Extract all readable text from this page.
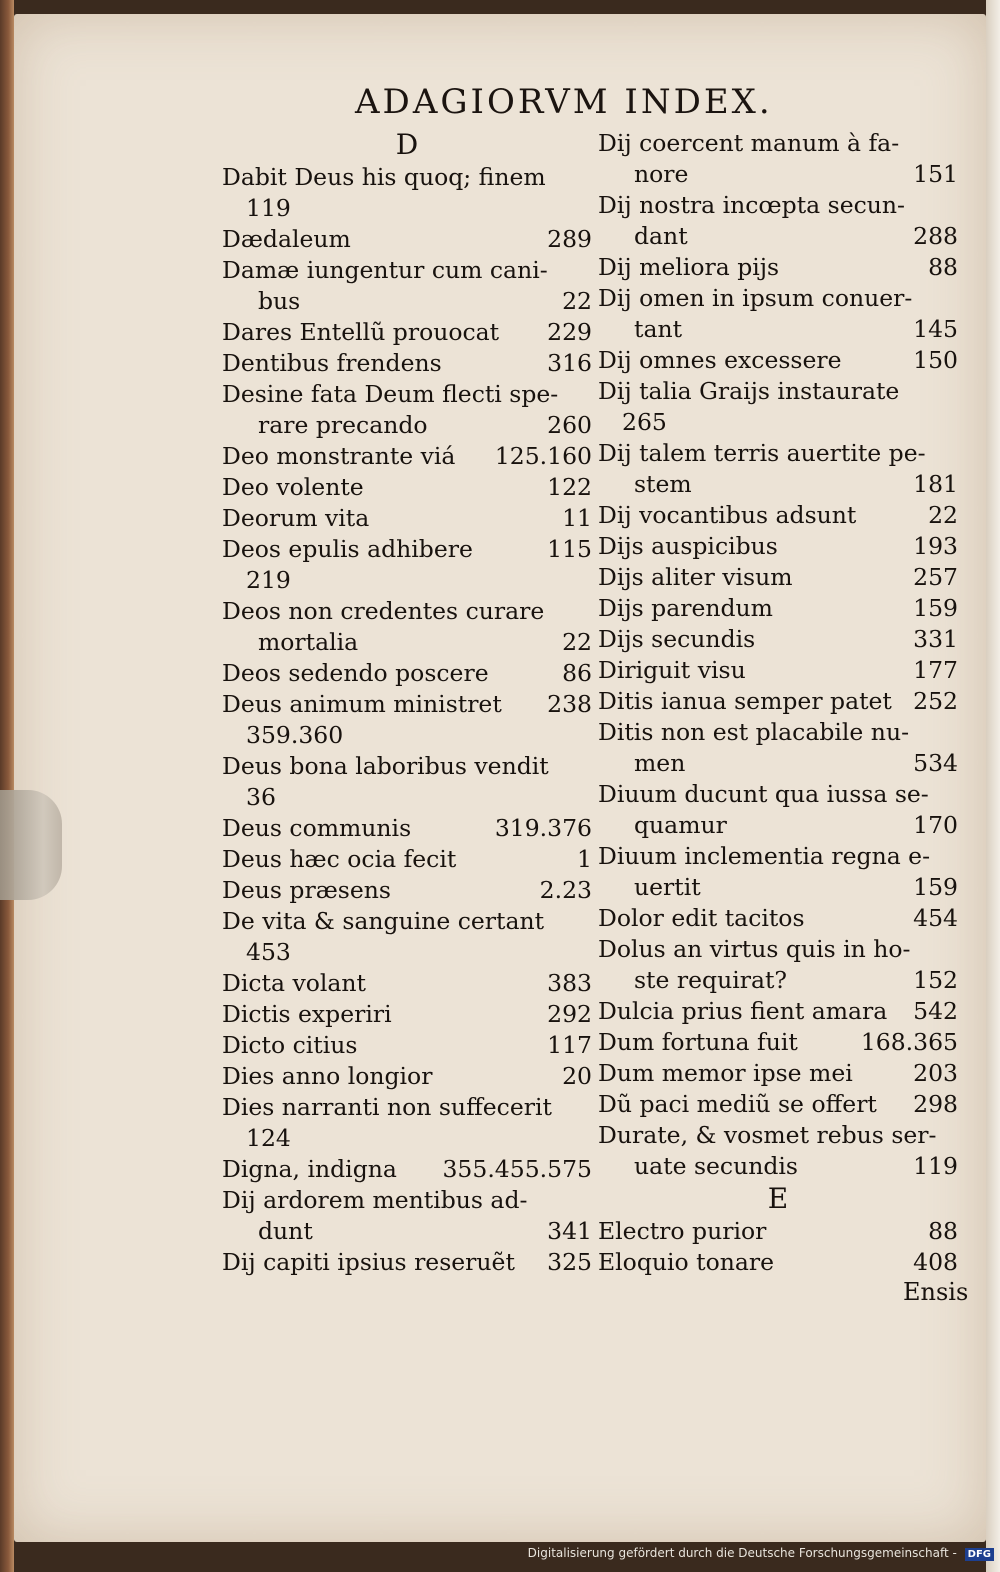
ADAGIORVM INDEX.
D
Dabit Deus his quoq; finem
119
Dædaleum	289
Damæ iungentur cum cani-
bus	22
Dares Entellũ prouocat	229
Dentibus frendens	316
Desine fata Deum flecti spe-
rare precando	260
Deo monstrante viá	125.160
Deo volente	122
Deorum vita	11
Deos epulis adhibere	115
219
Deos non credentes curare
mortalia	22
Deos sedendo poscere	86
Deus animum ministret	238
359.360
Deus bona laboribus vendit
36
Deus communis	319.376
Deus hæc ocia fecit	1
Deus præsens	2.23
De vita & sanguine certant
453
Dicta volant	383
Dictis experiri	292
Dicto citius	117
Dies anno longior	20
Dies narranti non suffecerit
124
Digna, indigna	355.455.575
Dij ardorem mentibus ad-
dunt	341
Dij capiti ipsius reseruẽt	325
Dij coercent manum à fa-
nore	151
Dij nostra incœpta secun-
dant	288
Dij meliora pijs	88
Dij omen in ipsum conuer-
tant	145
Dij omnes excessere	150
Dij talia Graijs instaurate
265
Dij talem terris auertite pe-
stem	181
Dij vocantibus adsunt	22
Dijs auspicibus	193
Dijs aliter visum	257
Dijs parendum	159
Dijs secundis	331
Diriguit visu	177
Ditis ianua semper patet 252
Ditis non est placabile nu-
men	534
Diuum ducunt qua iussa se-
quamur	170
Diuum inclementia regna e-
uertit	159
Dolor edit tacitos	454
Dolus an virtus quis in ho-
ste requirat?	152
Dulcia prius fient amara	542
Dum fortuna fuit	168.365
Dum memor ipse mei	203
Dũ paci mediũ se offert	298
Durate, & vosmet rebus ser-
uate secundis	119
E
Electro purior	88
Eloquio tonare	408
Ensis
Digitalisierung gefördert durch die Deutsche Forschungsgemeinschaft - DFG
